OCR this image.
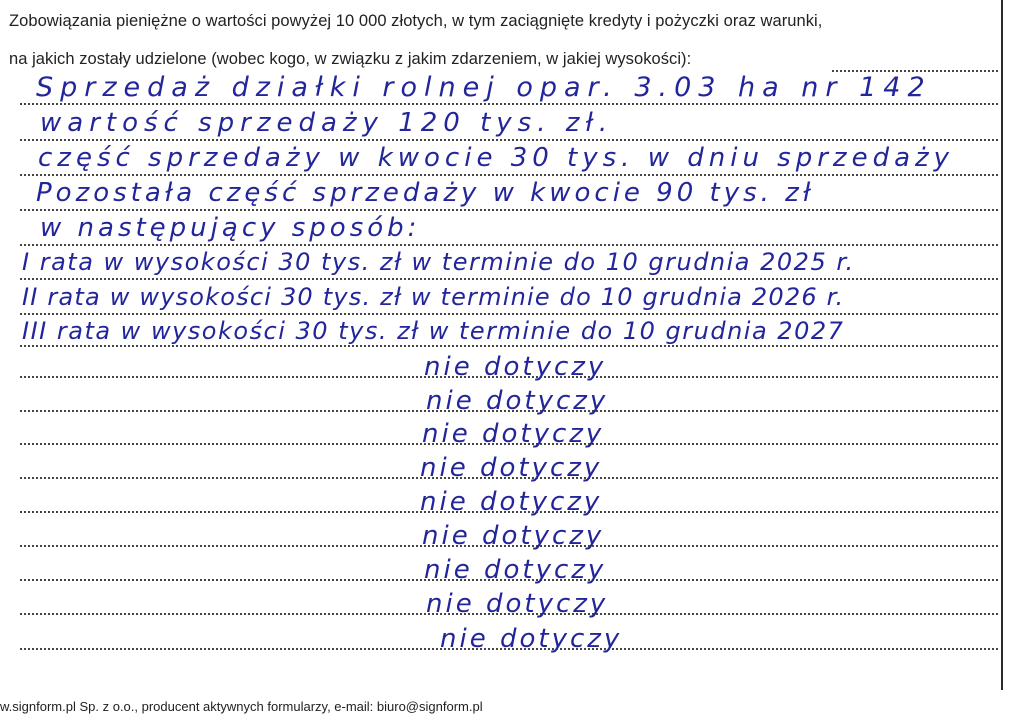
Zobowiązania pieniężne o wartości powyżej 10 000 złotych, w tym zaciągnięte kredyty i pożyczki oraz warunki,
na jakich zostały udzielone (wobec kogo, w związku z jakim zdarzeniem, w jakiej wysokości):
Sprzedaż działki rolnej opar. 3.03 ha nr 142
wartość sprzedaży 120 tys. zł.
część sprzedaży w kwocie 30 tys. w dniu sprzedaży
Pozostała część sprzedaży w kwocie 90 tys. zł
w następujący sposób:
I rata w wysokości 30 tys. zł w terminie do 10 grudnia 2025 r.
II rata w wysokości 30 tys. zł w terminie do 10 grudnia 2026 r.
III rata w wysokości 30 tys. zł w terminie do 10 grudnia 2027
nie dotyczy
nie dotyczy
nie dotyczy
nie dotyczy
nie dotyczy
nie dotyczy
nie dotyczy
nie dotyczy
nie dotyczy
w.signform.pl Sp. z o.o., producent aktywnych formularzy, e-mail: biuro@signform.pl
